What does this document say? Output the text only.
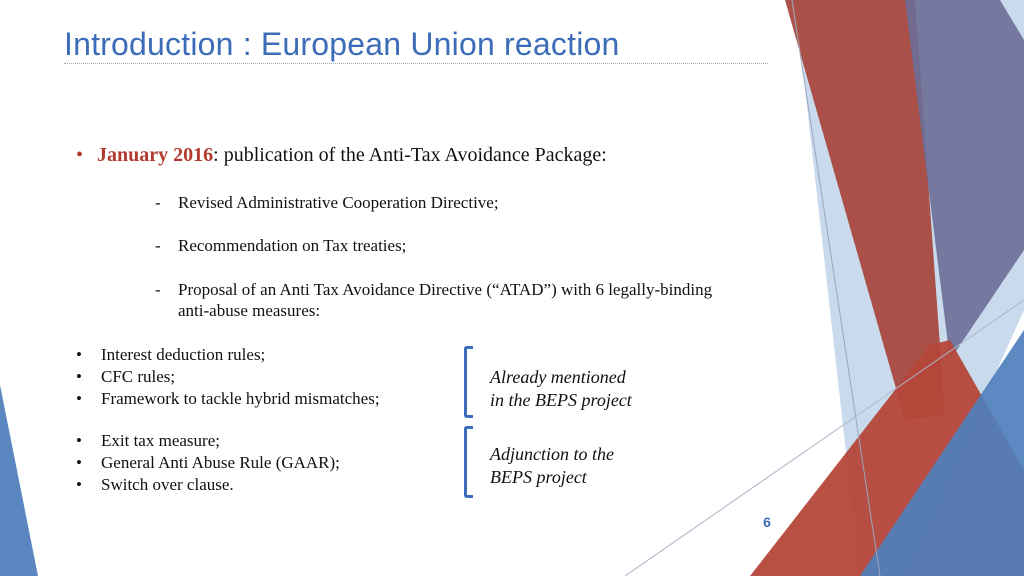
Introduction : European Union reaction
• January 2016: publication of the Anti-Tax Avoidance Package:
- Revised Administrative Cooperation Directive;
- Recommendation on Tax treaties;
- Proposal of an Anti Tax Avoidance Directive (“ATAD”) with 6 legally-binding
anti-abuse measures:
• Interest deduction rules;
• CFC rules;
• Framework to tackle hybrid mismatches;
• Exit tax measure;
• General Anti Abuse Rule (GAAR);
• Switch over clause.
Already mentioned
in the BEPS project
Adjunction to the
BEPS project
6
